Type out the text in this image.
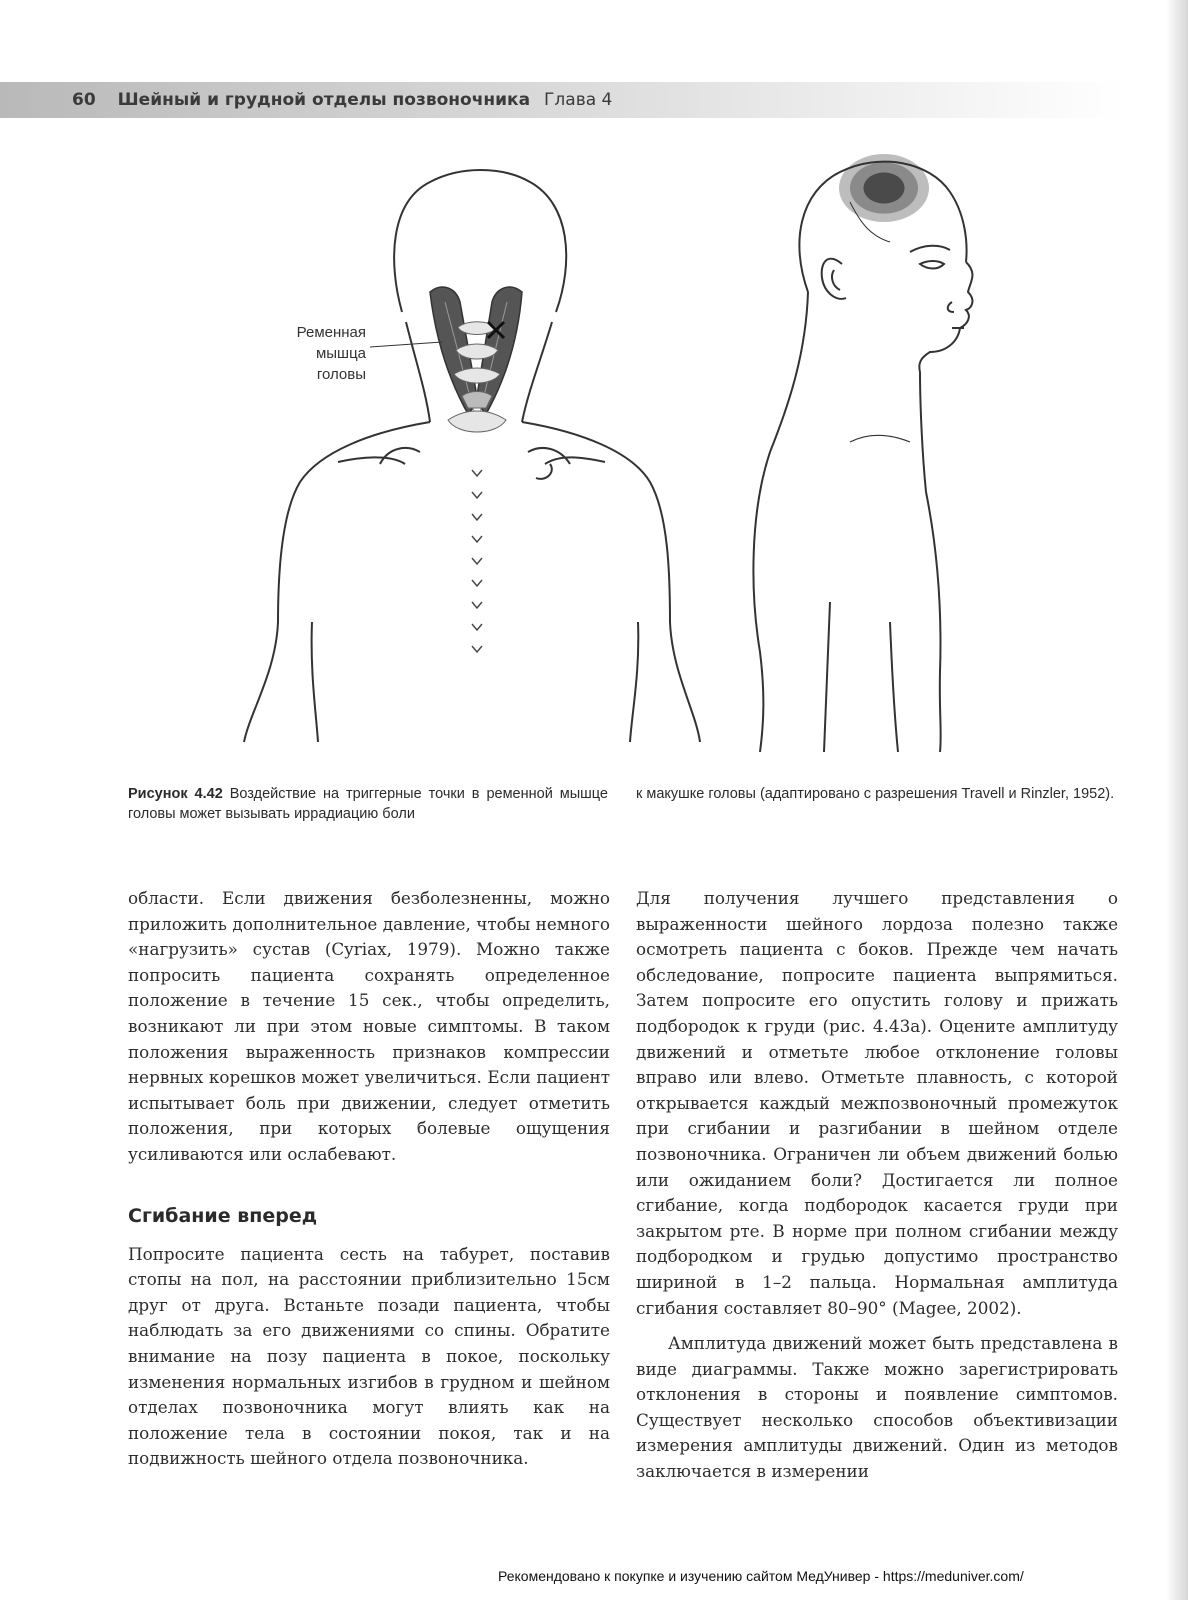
60 Шейный и грудной отделы позвоночника Глава 4
Ременная мышца головы
Рисунок 4.42 Воздействие на триггерные точки в ременной мышце головы может вызывать иррадиацию боли
к макушке головы (адаптировано с разрешения Travell и Rinzler, 1952).

области. Если движения безболезненны, можно приложить дополнительное давление, чтобы немного «нагрузить» сустав (Cyriax, 1979). Можно также попросить пациента сохранять определенное положение в течение 15 сек., чтобы определить, возникают ли при этом новые симптомы. В таком положения выраженность признаков компрессии нервных корешков может увеличиться. Если пациент испытывает боль при движении, следует отметить положения, при которых болевые ощущения усиливаются или ослабевают.

Сгибание вперед

Попросите пациента сесть на табурет, поставив стопы на пол, на расстоянии приблизительно 15см друг от друга. Встаньте позади пациента, чтобы наблюдать за его движениями со спины. Обратите внимание на позу пациента в покое, поскольку изменения нормальных изгибов в грудном и шейном отделах позвоночника могут влиять как на положение тела в состоянии покоя, так и на подвижность шейного отдела позвоночника.

Для получения лучшего представления о выраженности шейного лордоза полезно также осмотреть пациента с боков. Прежде чем начать обследование, попросите пациента выпрямиться. Затем попросите его опустить голову и прижать подбородок к груди (рис. 4.43а). Оцените амплитуду движений и отметьте любое отклонение головы вправо или влево. Отметьте плавность, с которой открывается каждый межпозвоночный промежуток при сгибании и разгибании в шейном отделе позвоночника. Ограничен ли объем движений болью или ожиданием боли? Достигается ли полное сгибание, когда подбородок касается груди при закрытом рте. В норме при полном сгибании между подбородком и грудью допустимо пространство шириной в 1–2 пальца. Нормальная амплитуда сгибания составляет 80–90° (Magee, 2002).

Амплитуда движений может быть представлена в виде диаграммы. Также можно зарегистрировать отклонения в стороны и появление симптомов. Существует несколько способов объективизации измерения амплитуды движений. Один из методов заключается в измерении

Рекомендовано к покупке и изучению сайтом МедУнивер - https://meduniver.com/
